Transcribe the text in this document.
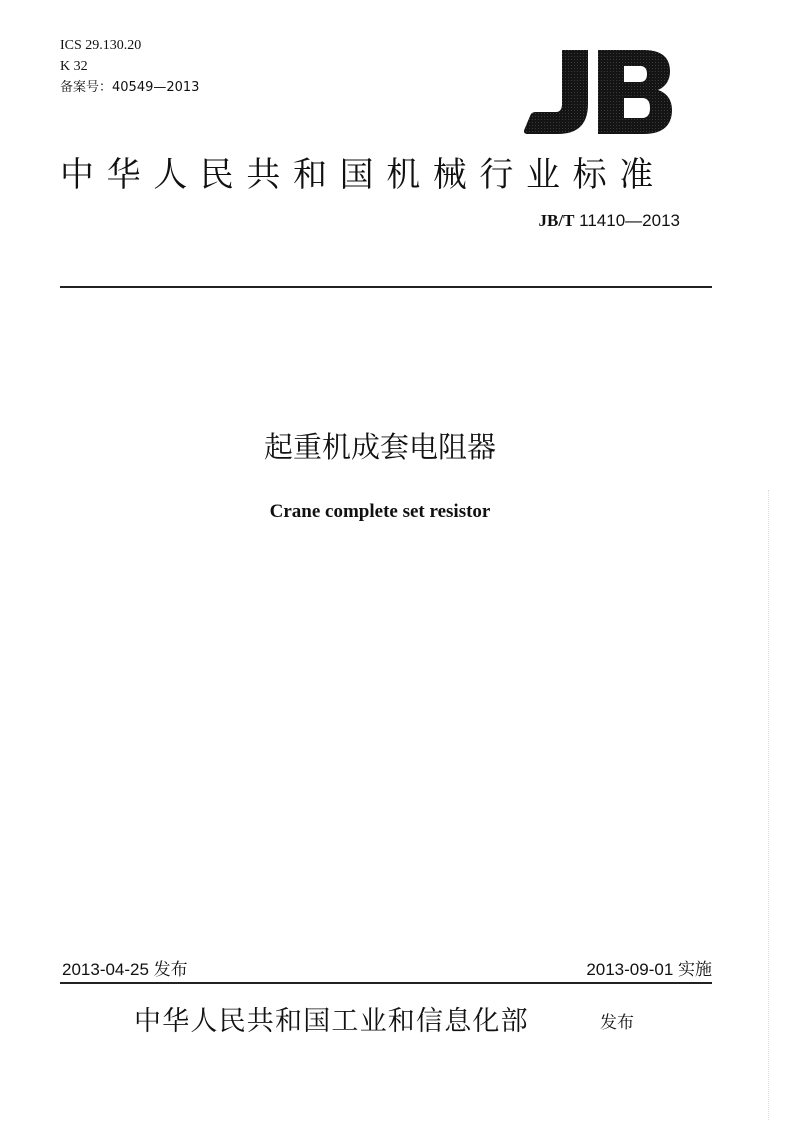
ICS 29.130.20
K 32
备案号：40549—2013
中华人民共和国机械行业标准
JB/T 11410—2013
起重机成套电阻器
Crane complete set resistor
2013-04-25 发布	2013-09-01 实施
中华人民共和国工业和信息化部	发布
